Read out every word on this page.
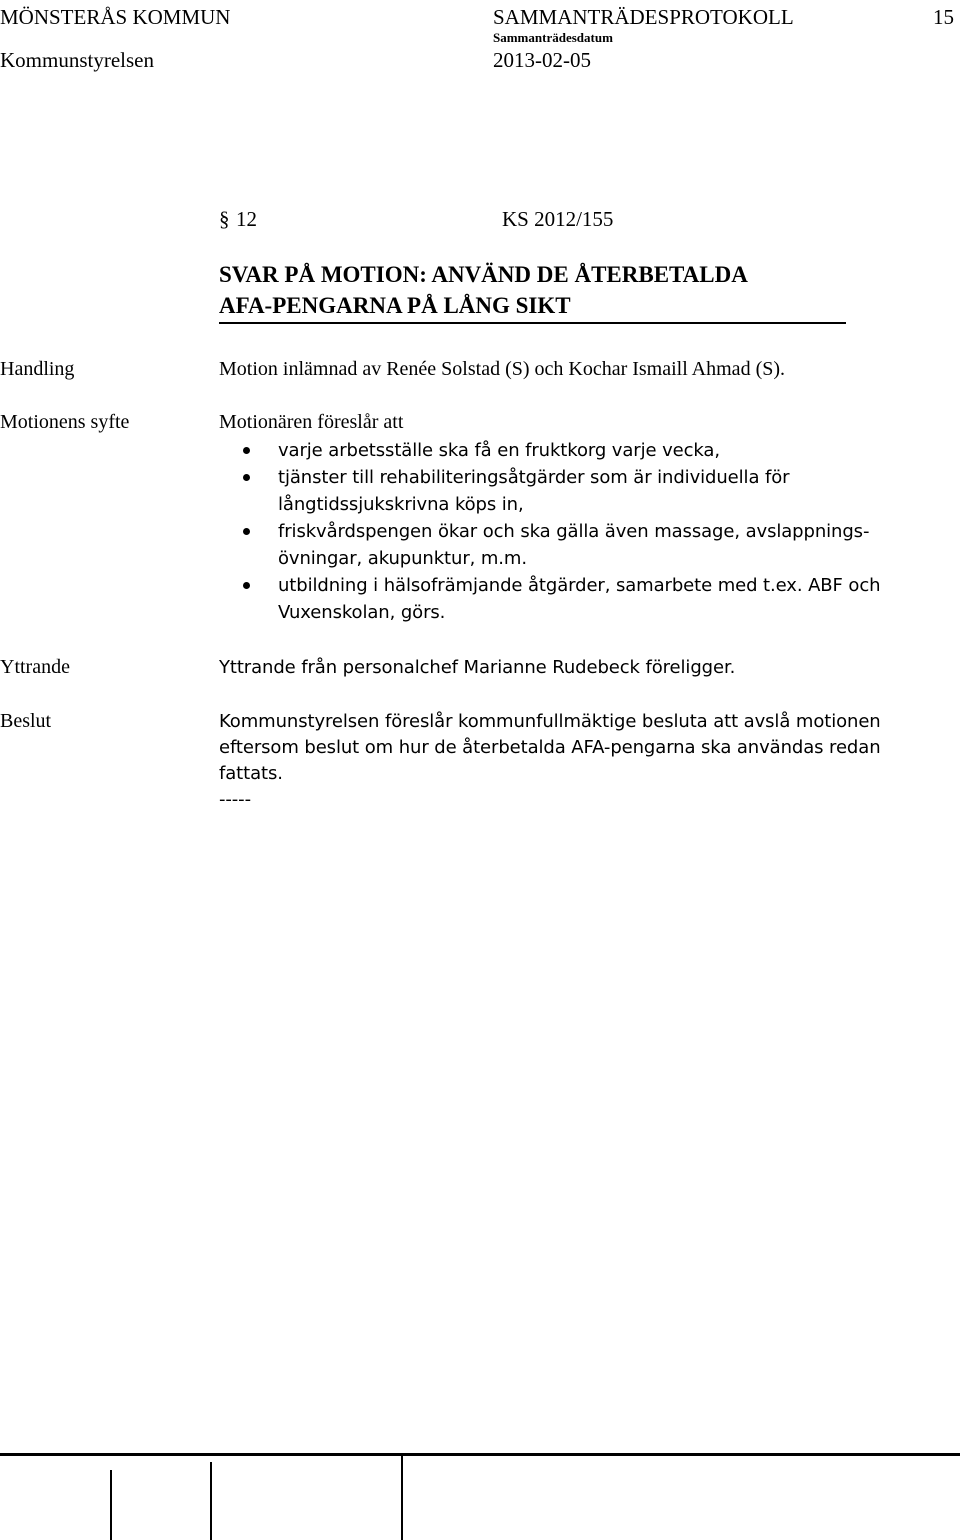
MÖNSTERÅS KOMMUN	SAMMANTRÄDESPROTOKOLL	15
Sammanträdesdatum
Kommunstyrelsen	2013-02-05
§ 12	KS 2012/155
SVAR PÅ MOTION: ANVÄND DE ÅTERBETALDA
AFA-PENGARNA PÅ LÅNG SIKT
Handling	Motion inlämnad av Renée Solstad (S) och Kochar Ismaill Ahmad (S).
Motionens syfte	Motionären föreslår att
varje arbetsställe ska få en fruktkorg varje vecka,
tjänster till rehabiliteringsåtgärder som är individuella för
långtidssjukskrivna köps in,
friskvårdspengen ökar och ska gälla även massage, avslappnings-
övningar, akupunktur, m.m.
utbildning i hälsofrämjande åtgärder, samarbete med t.ex. ABF och
Vuxenskolan, görs.
Yttrande	Yttrande från personalchef Marianne Rudebeck föreligger.
Beslut	Kommunstyrelsen föreslår kommunfullmäktige besluta att avslå motionen
eftersom beslut om hur de återbetalda AFA-pengarna ska användas redan
fattats.
-----
